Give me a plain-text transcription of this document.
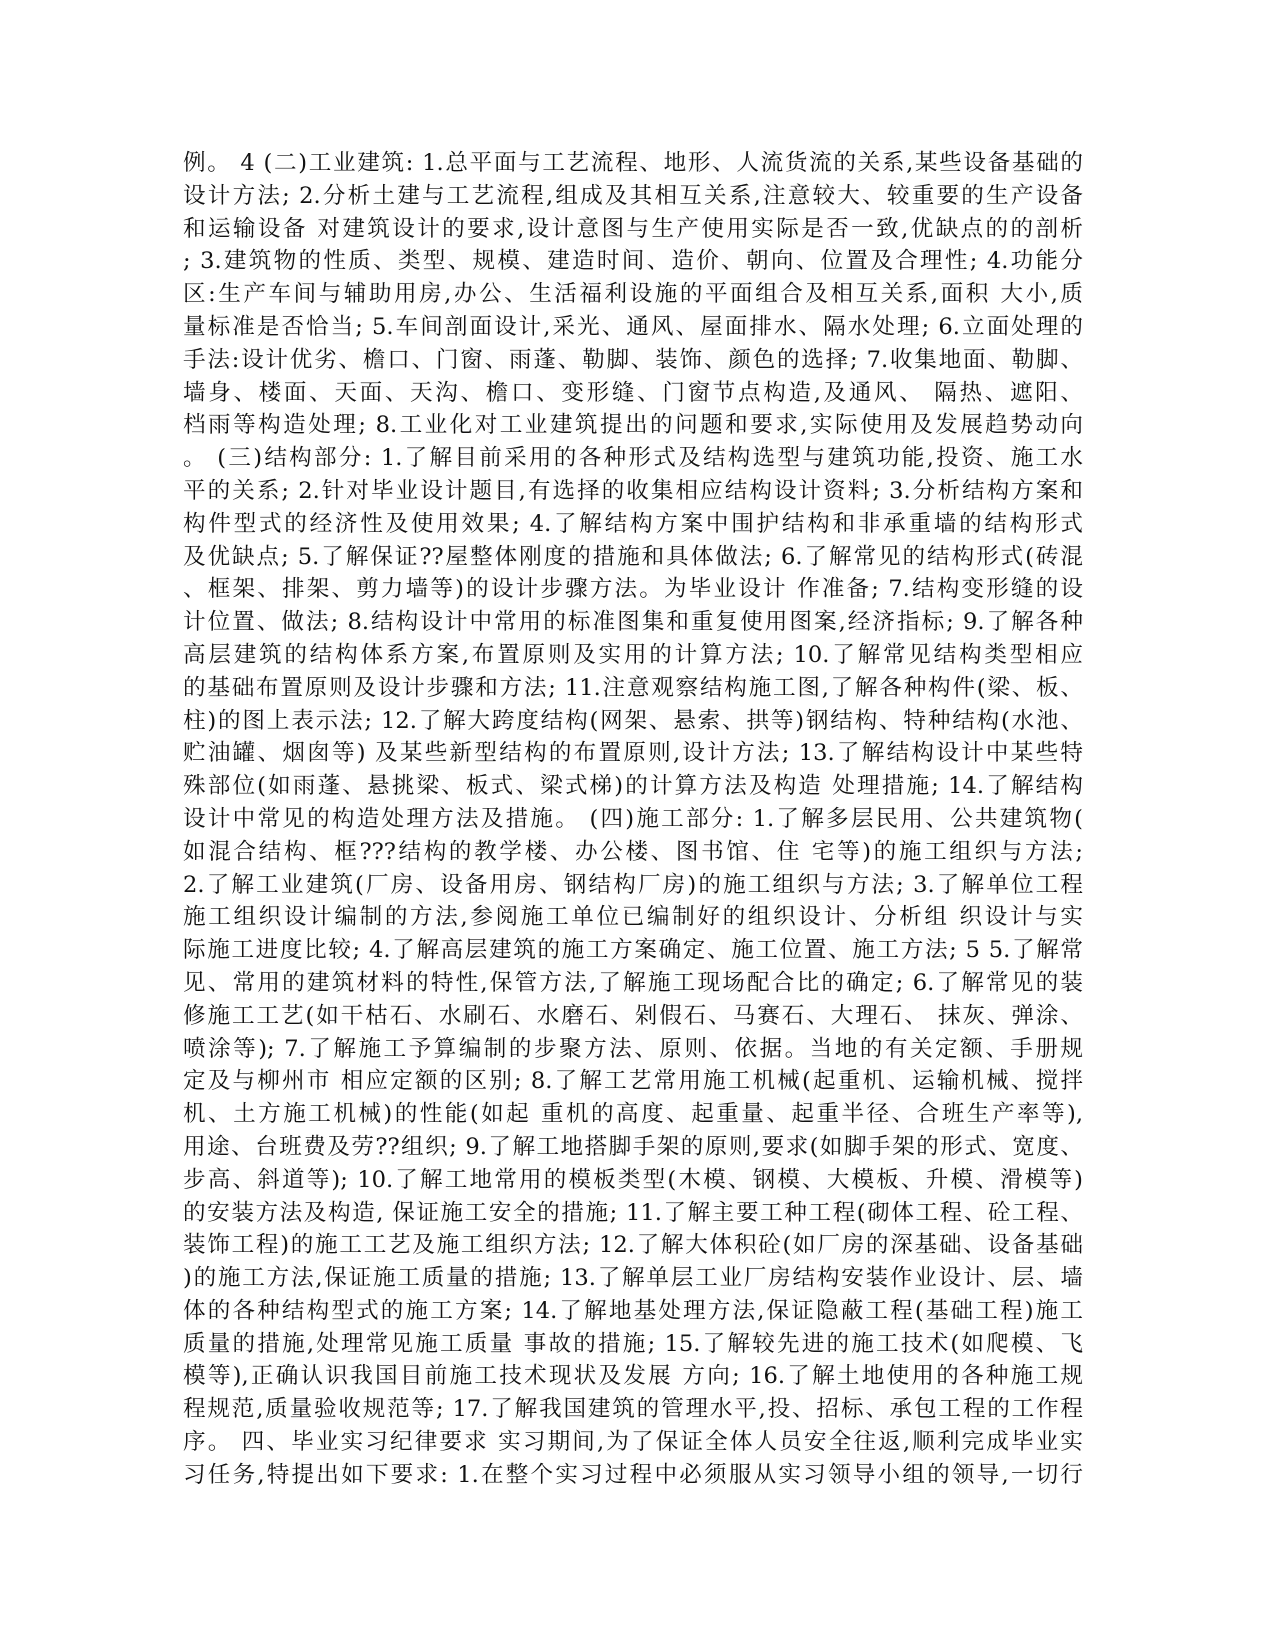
例。 4 (二)工业建筑: 1.总平面与工艺流程、地形、人流货流的关系,某些设备基础的
设计方法; 2.分析土建与工艺流程,组成及其相互关系,注意较大、较重要的生产设备
和运输设备 对建筑设计的要求,设计意图与生产使用实际是否一致,优缺点的的剖析
; 3.建筑物的性质、类型、规模、建造时间、造价、朝向、位置及合理性; 4.功能分
区:生产车间与辅助用房,办公、生活福利设施的平面组合及相互关系,面积 大小,质
量标准是否恰当; 5.车间剖面设计,采光、通风、屋面排水、隔水处理; 6.立面处理的
手法:设计优劣、檐口、门窗、雨蓬、勒脚、装饰、颜色的选择; 7.收集地面、勒脚、
墙身、楼面、天面、天沟、檐口、变形缝、门窗节点构造,及通风、 隔热、遮阳、
档雨等构造处理; 8.工业化对工业建筑提出的问题和要求,实际使用及发展趋势动向
。 (三)结构部分: 1.了解目前采用的各种形式及结构选型与建筑功能,投资、施工水
平的关系; 2.针对毕业设计题目,有选择的收集相应结构设计资料; 3.分析结构方案和
构件型式的经济性及使用效果; 4.了解结构方案中围护结构和非承重墙的结构形式
及优缺点; 5.了解保证??屋整体刚度的措施和具体做法; 6.了解常见的结构形式(砖混
、框架、排架、剪力墙等)的设计步骤方法。为毕业设计 作准备; 7.结构变形缝的设
计位置、做法; 8.结构设计中常用的标准图集和重复使用图案,经济指标; 9.了解各种
高层建筑的结构体系方案,布置原则及实用的计算方法; 10.了解常见结构类型相应
的基础布置原则及设计步骤和方法; 11.注意观察结构施工图,了解各种构件(梁、板、
柱)的图上表示法; 12.了解大跨度结构(网架、悬索、拱等)钢结构、特种结构(水池、
贮油罐、烟囱等) 及某些新型结构的布置原则,设计方法; 13.了解结构设计中某些特
殊部位(如雨蓬、悬挑梁、板式、梁式梯)的计算方法及构造 处理措施; 14.了解结构
设计中常见的构造处理方法及措施。 (四)施工部分: 1.了解多层民用、公共建筑物(
如混合结构、框???结构的教学楼、办公楼、图书馆、住 宅等)的施工组织与方法;
2.了解工业建筑(厂房、设备用房、钢结构厂房)的施工组织与方法; 3.了解单位工程
施工组织设计编制的方法,参阅施工单位已编制好的组织设计、分析组 织设计与实
际施工进度比较; 4.了解高层建筑的施工方案确定、施工位置、施工方法; 5 5.了解常
见、常用的建筑材料的特性,保管方法,了解施工现场配合比的确定; 6.了解常见的装
修施工工艺(如干枯石、水刷石、水磨石、剁假石、马赛石、大理石、 抹灰、弹涂、
喷涂等); 7.了解施工予算编制的步聚方法、原则、依据。当地的有关定额、手册规
定及与柳州市 相应定额的区别; 8.了解工艺常用施工机械(起重机、运输机械、搅拌
机、土方施工机械)的性能(如起 重机的高度、起重量、起重半径、合班生产率等),
用途、台班费及劳??组织; 9.了解工地搭脚手架的原则,要求(如脚手架的形式、宽度、
步高、斜道等); 10.了解工地常用的模板类型(木模、钢模、大模板、升模、滑模等)
的安装方法及构造, 保证施工安全的措施; 11.了解主要工种工程(砌体工程、砼工程、
装饰工程)的施工工艺及施工组织方法; 12.了解大体积砼(如厂房的深基础、设备基础
)的施工方法,保证施工质量的措施; 13.了解单层工业厂房结构安装作业设计、层、墙
体的各种结构型式的施工方案; 14.了解地基处理方法,保证隐蔽工程(基础工程)施工
质量的措施,处理常见施工质量 事故的措施; 15.了解较先进的施工技术(如爬模、飞
模等),正确认识我国目前施工技术现状及发展 方向; 16.了解土地使用的各种施工规
程规范,质量验收规范等; 17.了解我国建筑的管理水平,投、招标、承包工程的工作程
序。 四、毕业实习纪律要求 实习期间,为了保证全体人员安全往返,顺利完成毕业实
习任务,特提出如下要求: 1.在整个实习过程中必须服从实习领导小组的领导,一切行
